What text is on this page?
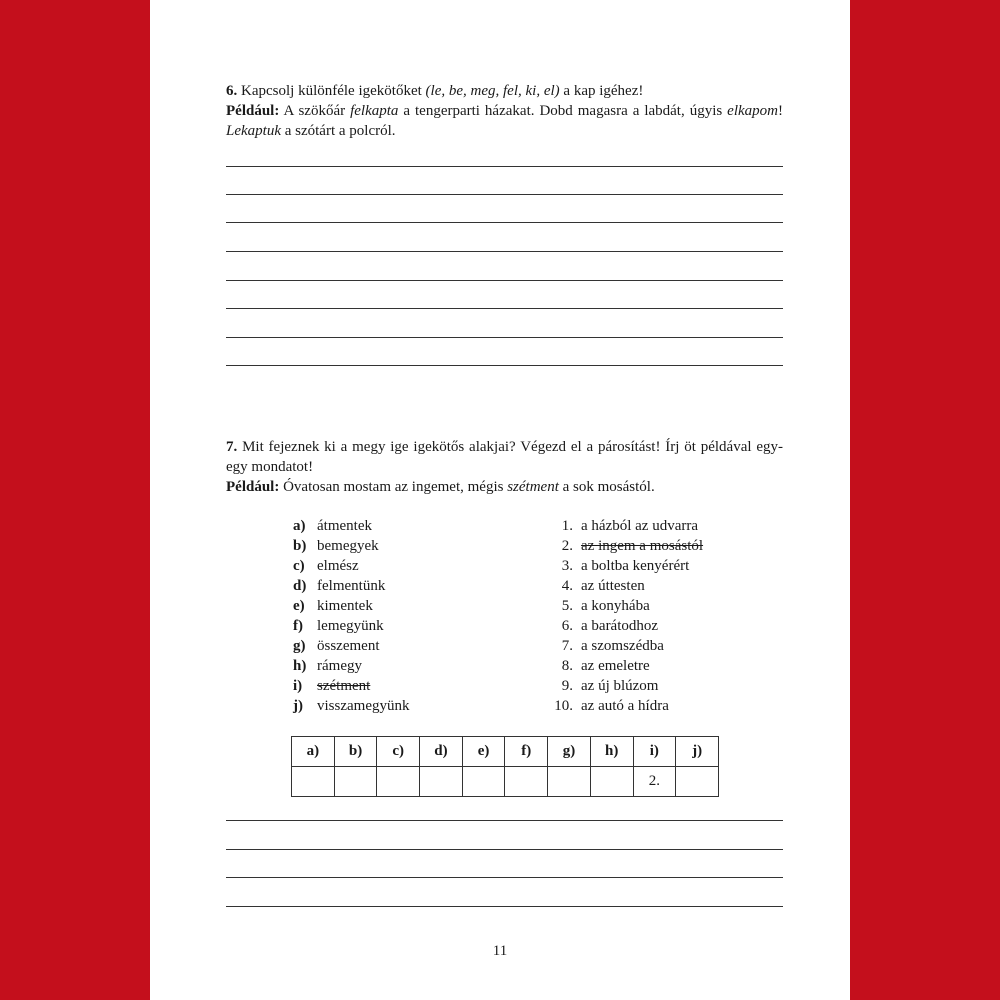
6. Kapcsolj különféle igekötőket (le, be, meg, fel, ki, el) a kap igéhez!
Például: A szökőár felkapta a tengerparti házakat. Dobd magasra a labdát, úgyis elkapom! Lekaptuk a szótárt a polcról.
7. Mit fejeznek ki a megy ige igekötős alakjai? Végezd el a párosítást! Írj öt példával egy-egy mondatot!
Például: Óvatosan mostam az ingemet, mégis szétment a sok mosástól.
a) átmentek
b) bemegyek
c) elmész
d) felmentünk
e) kimentek
f) lemegyünk
g) összement
h) rámegy
i) szétment
j) visszamegyünk
1. a házból az udvarra
2. az ingem a mosástól
3. a boltba kenyérért
4. az úttesten
5. a konyhába
6. a barátodhoz
7. a szomszédba
8. az emeletre
9. az új blúzom
10. az autó a hídra
a)	b)	c)	d)	e)	f)	g)	h)	i)	j)
								2.	
11
